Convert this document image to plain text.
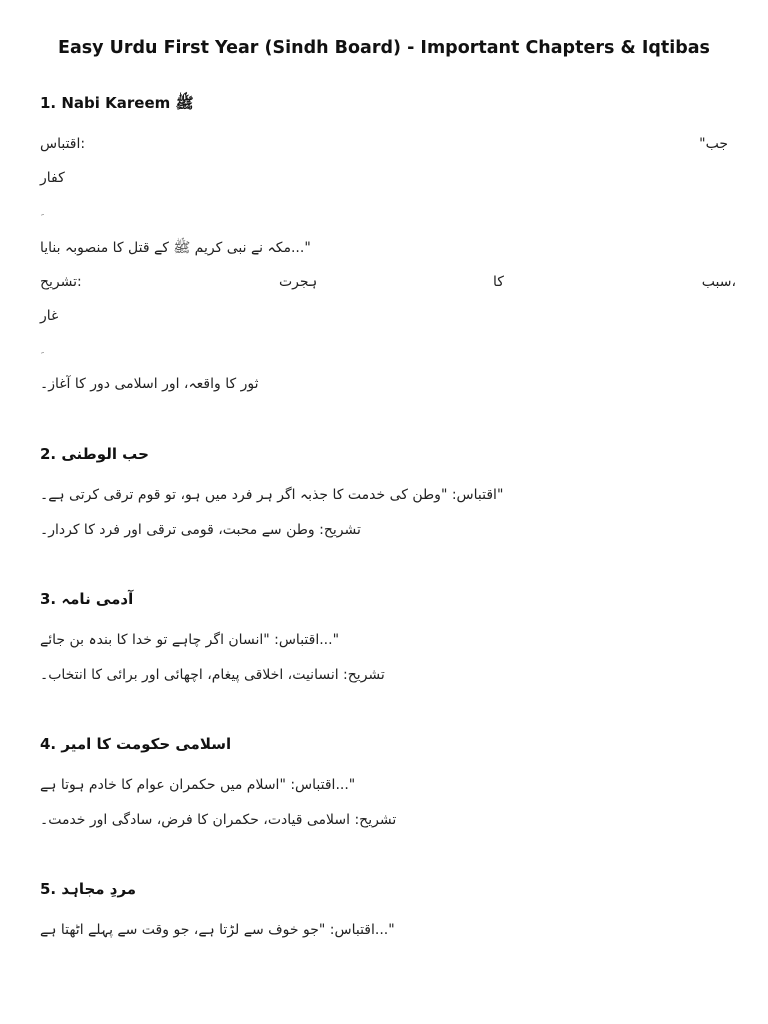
Easy Urdu First Year (Sindh Board) - Important Chapters & Iqtibas
1. Nabi Kareem ﷺ
اقتباس:	"جب
کفار
مکہ نے نبی کریم ﷺ کے قتل کا منصوبہ بنایا..."
تشریح:	ہجرت	کا	سبب،
غار
ثور کا واقعہ، اور اسلامی دور کا آغاز۔
2. حب الوطنی
اقتباس: "وطن کی خدمت کا جذبہ اگر ہر فرد میں ہو، تو قوم ترقی کرتی ہے۔"
تشریح: وطن سے محبت، قومی ترقی اور فرد کا کردار۔
3. آدمی نامہ
اقتباس: "انسان اگر چاہے تو خدا کا بندہ بن جائے..."
تشریح: انسانیت، اخلاقی پیغام، اچھائی اور برائی کا انتخاب۔
4. اسلامی حکومت کا امیر
اقتباس: "اسلام میں حکمران عوام کا خادم ہوتا ہے..."
تشریح: اسلامی قیادت، حکمران کا فرض، سادگی اور خدمت۔
5. مردِ مجاہد
اقتباس: "جو خوف سے لڑتا ہے، جو وقت سے پہلے اٹھتا ہے..."
